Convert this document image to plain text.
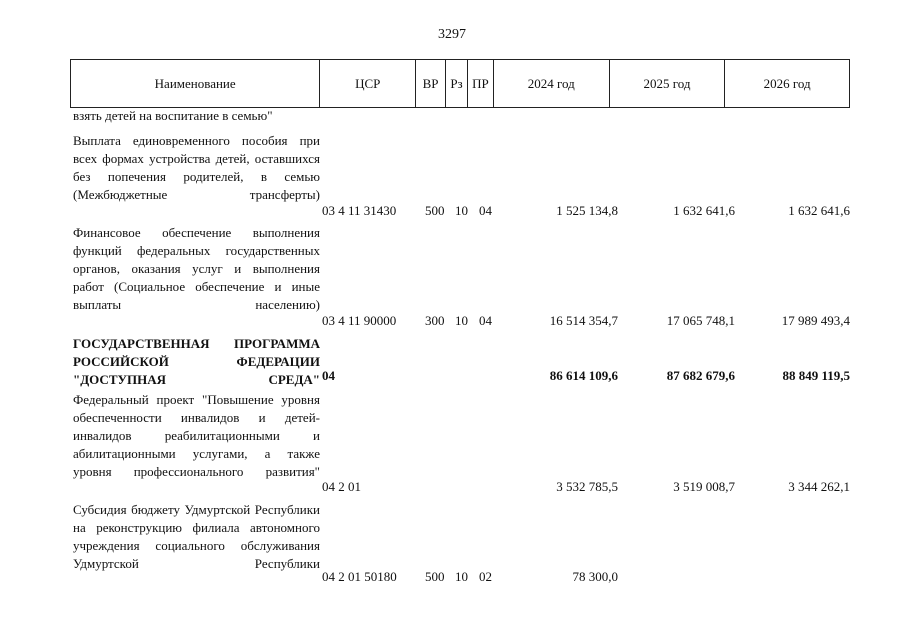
3297
Наименование	ЦСР	ВР Рз ПР	2024 год	2025 год	2026 год
взять детей на воспитание в семью"
Выплата единовременного пособия при всех формах устройства детей, оставшихся без попечения родителей, в семью (Межбюджетные трансферты)
03 4 11 31430 500 10 04	1 525 134,8	1 632 641,6	1 632 641,6
Финансовое обеспечение выполнения функций федеральных государственных органов, оказания услуг и выполнения работ (Социальное обеспечение и иные выплаты населению)
03 4 11 90000 300 10 04	16 514 354,7	17 065 748,1	17 989 493,4
ГОСУДАРСТВЕННАЯ ПРОГРАММА РОССИЙСКОЙ ФЕДЕРАЦИИ "ДОСТУПНАЯ СРЕДА" 04	86 614 109,6	87 682 679,6	88 849 119,5
Федеральный проект "Повышение уровня обеспеченности инвалидов и детей-инвалидов реабилитационными и абилитационными услугами, а также уровня профессионального развития"
04 2 01	3 532 785,5	3 519 008,7	3 344 262,1
Субсидия бюджету Удмуртской Республики на реконструкцию филиала автономного учреждения социального обслуживания Удмуртской Республики
04 2 01 50180 500 10 02	78 300,0
